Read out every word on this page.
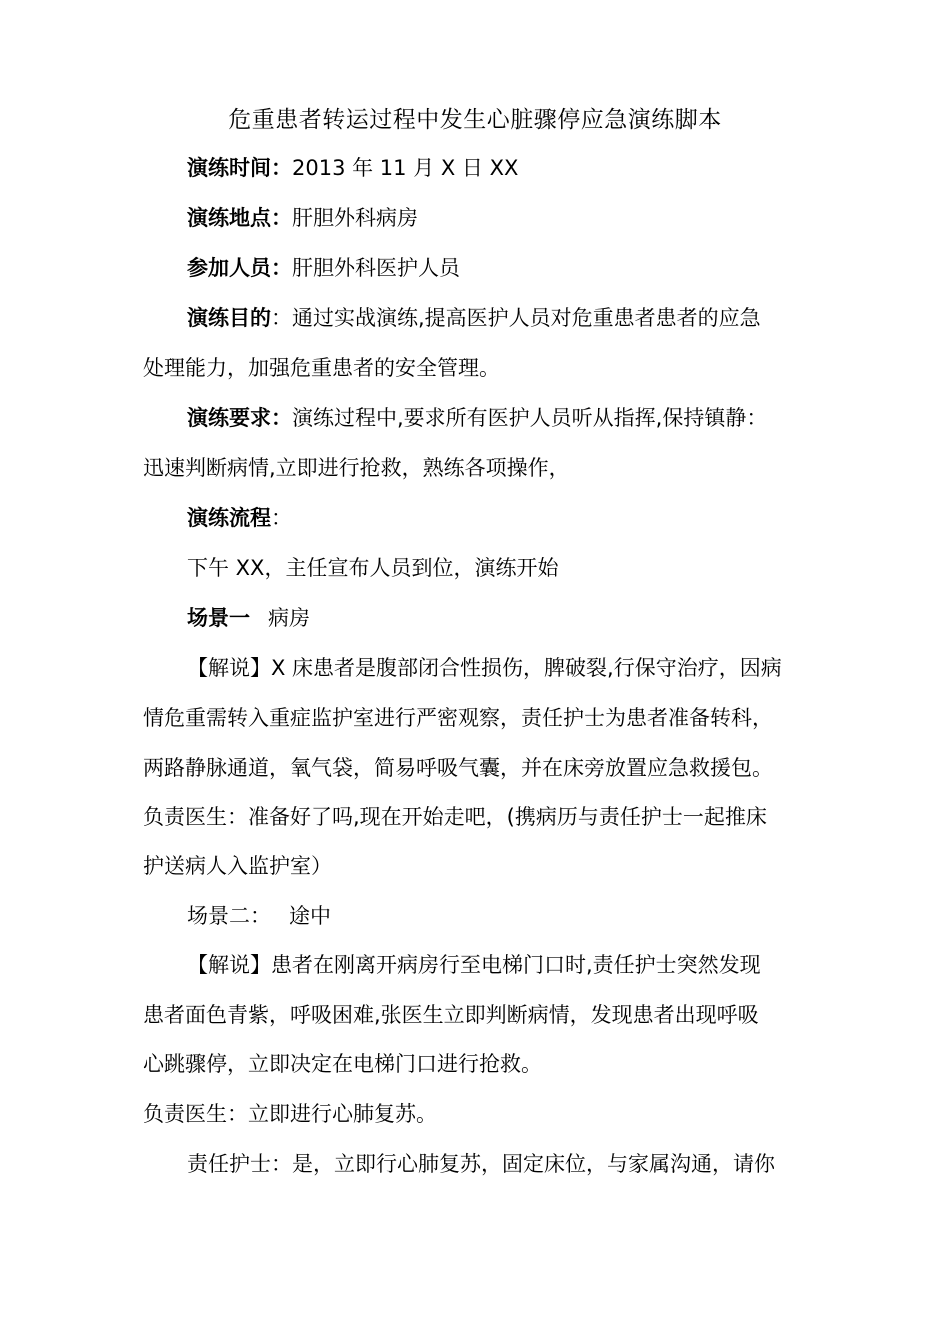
危重患者转运过程中发生心脏骤停应急演练脚本
演练时间：2013 年 11 月 X 日 XX
演练地点：肝胆外科病房
参加人员：肝胆外科医护人员
演练目的：通过实战演练,提高医护人员对危重患者患者的应急
处理能力，加强危重患者的安全管理。
演练要求：演练过程中,要求所有医护人员听从指挥,保持镇静：
迅速判断病情,立即进行抢救，熟练各项操作，
演练流程：
下午 XX，主任宣布人员到位，演练开始
场景一 病房
【解说】X 床患者是腹部闭合性损伤，脾破裂,行保守治疗，因病
情危重需转入重症监护室进行严密观察，责任护士为患者准备转科，
两路静脉通道，氧气袋，简易呼吸气囊，并在床旁放置应急救援包。
负责医生：准备好了吗,现在开始走吧，(携病历与责任护士一起推床
护送病人入监护室）
场景二： 途中
【解说】患者在刚离开病房行至电梯门口时,责任护士突然发现
患者面色青紫，呼吸困难,张医生立即判断病情，发现患者出现呼吸
心跳骤停，立即决定在电梯门口进行抢救。
负责医生：立即进行心肺复苏。
责任护士：是，立即行心肺复苏，固定床位，与家属沟通，请你
